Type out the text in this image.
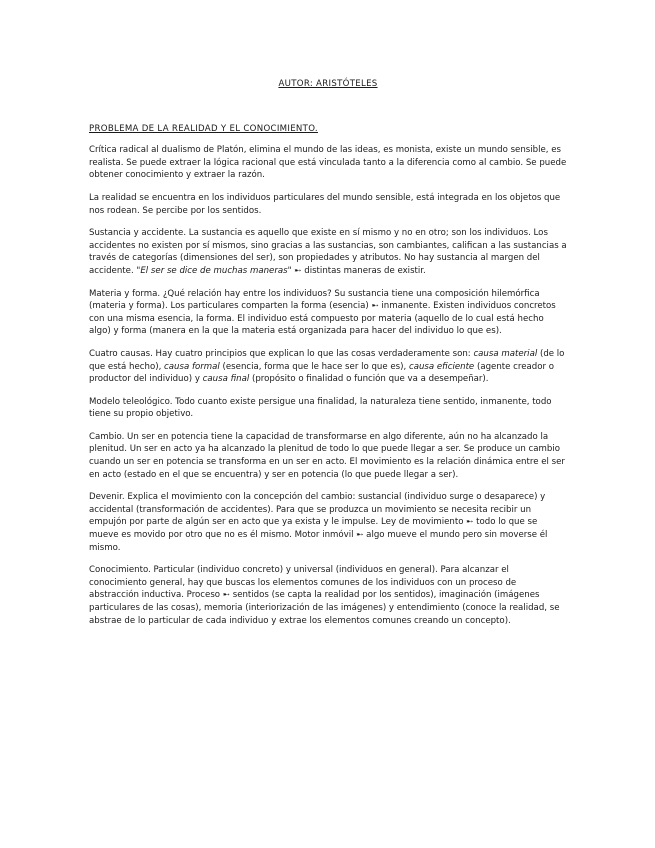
AUTOR: ARISTÓTELES
PROBLEMA DE LA REALIDAD Y EL CONOCIMIENTO.

Crítica radical al dualismo de Platón, elimina el mundo de las ideas, es monista, existe un mundo sensible, es realista. Se puede extraer la lógica racional que está vinculada tanto a la diferencia como al cambio. Se puede obtener conocimiento y extraer la razón.

La realidad se encuentra en los individuos particulares del mundo sensible, está integrada en los objetos que nos rodean. Se percibe por los sentidos.

Sustancia y accidente. La sustancia es aquello que existe en sí mismo y no en otro; son los individuos. Los accidentes no existen por sí mismos, sino gracias a las sustancias, son cambiantes, califican a las sustancias a través de categorías (dimensiones del ser), son propiedades y atributos. No hay sustancia al margen del accidente. "El ser se dice de muchas maneras" ➸ distintas maneras de existir.

Materia y forma. ¿Qué relación hay entre los individuos? Su sustancia tiene una composición hilemórfica (materia y forma). Los particulares comparten la forma (esencia) ➸ inmanente. Existen individuos concretos con una misma esencia, la forma. El individuo está compuesto por materia (aquello de lo cual está hecho algo) y forma (manera en la que la materia está organizada para hacer del individuo lo que es).

Cuatro causas. Hay cuatro principios que explican lo que las cosas verdaderamente son: causa material (de lo que está hecho), causa formal (esencia, forma que le hace ser lo que es), causa eficiente (agente creador o productor del individuo) y causa final (propósito o finalidad o función que va a desempeñar).

Modelo teleológico. Todo cuanto existe persigue una finalidad, la naturaleza tiene sentido, inmanente, todo tiene su propio objetivo.

Cambio. Un ser en potencia tiene la capacidad de transformarse en algo diferente, aún no ha alcanzado la plenitud. Un ser en acto ya ha alcanzado la plenitud de todo lo que puede llegar a ser. Se produce un cambio cuando un ser en potencia se transforma en un ser en acto. El movimiento es la relación dinámica entre el ser en acto (estado en el que se encuentra) y ser en potencia (lo que puede llegar a ser).

Devenir. Explica el movimiento con la concepción del cambio: sustancial (individuo surge o desaparece) y accidental (transformación de accidentes). Para que se produzca un movimiento se necesita recibir un empujón por parte de algún ser en acto que ya exista y le impulse. Ley de movimiento ➸ todo lo que se mueve es movido por otro que no es él mismo. Motor inmóvil ➸ algo mueve el mundo pero sin moverse él mismo.

Conocimiento. Particular (individuo concreto) y universal (individuos en general). Para alcanzar el conocimiento general, hay que buscas los elementos comunes de los individuos con un proceso de abstracción inductiva. Proceso ➸ sentidos (se capta la realidad por los sentidos), imaginación (imágenes particulares de las cosas), memoria (interiorización de las imágenes) y entendimiento (conoce la realidad, se abstrae de lo particular de cada individuo y extrae los elementos comunes creando un concepto).
